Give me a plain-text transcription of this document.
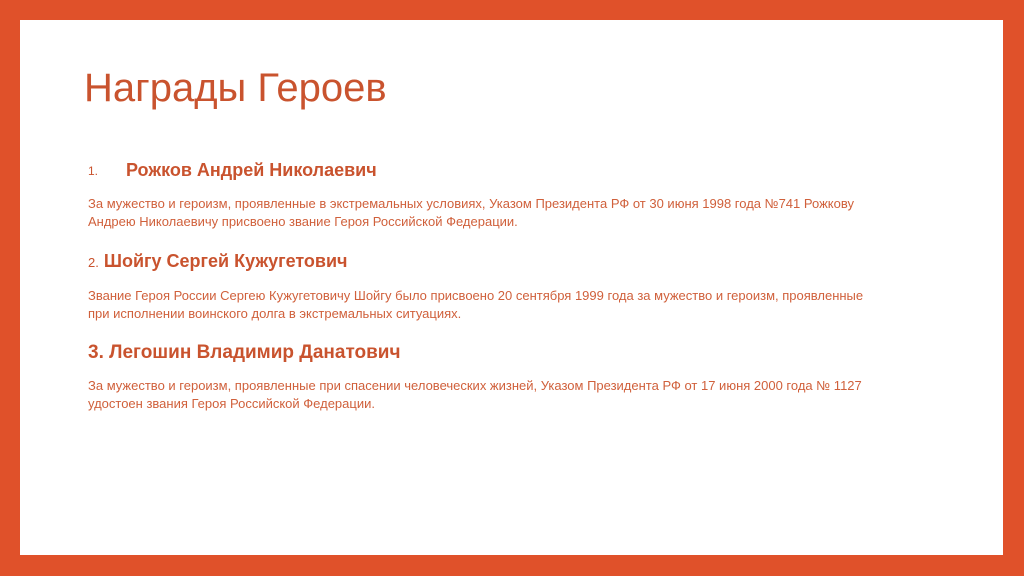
Награды Героев
1. Рожков Андрей Николаевич

За мужество и героизм, проявленные в экстремальных условиях, Указом Президента РФ от 30 июня 1998 года №741 Рожкову Андрею Николаевичу присвоено звание Героя Российской Федерации.

2. Шойгу Сергей Кужугетович

Звание Героя России Сергею Кужугетовичу Шойгу было присвоено 20 сентября 1999 года за мужество и героизм, проявленные при исполнении воинского долга в экстремальных ситуациях.

3. Легошин Владимир Данатович

За мужество и героизм, проявленные при спасении человеческих жизней, Указом Президента РФ от 17 июня 2000 года № 1127 удостоен звания Героя Российской Федерации.
